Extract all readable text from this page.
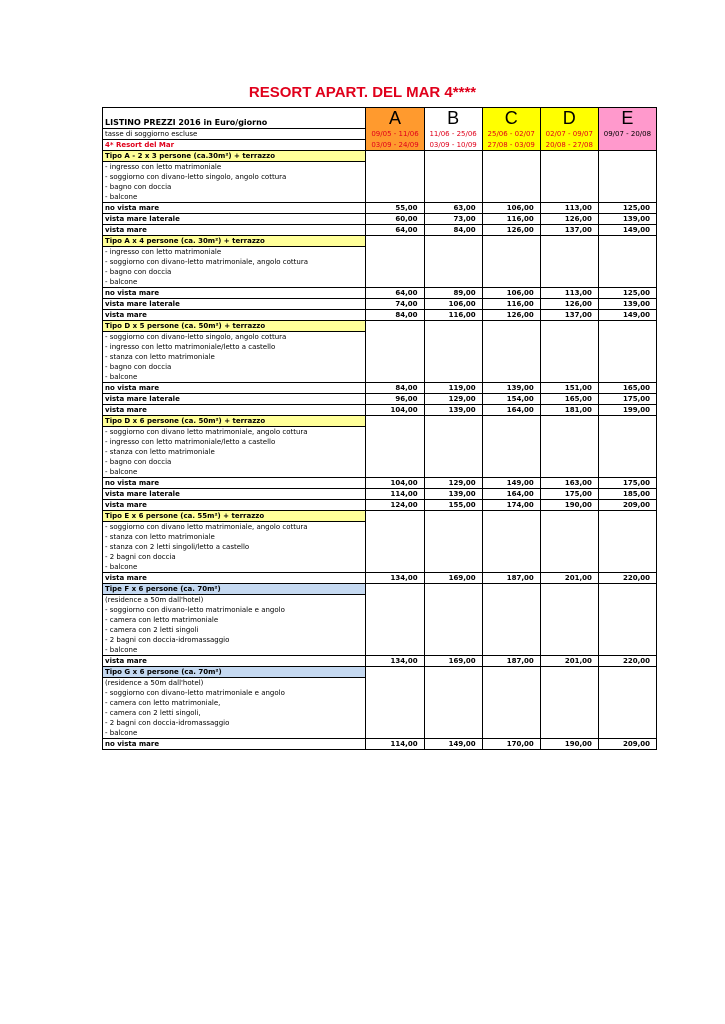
RESORT APART. DEL MAR 4****
LISTINO PREZZI 2016 in Euro/giorno	A	B	C	D	E

tasse di soggiorno escluse	09/05 - 11/06	11/06 - 25/06	25/06 - 02/07	02/07 - 09/07	09/07 - 20/08
4* Resort del Mar	03/09 - 24/09	03/09 - 10/09	27/08 - 03/09	20/08 - 27/08	

Tipo A - 2 x 3 persone (ca.30m²) + terrazzo					

- ingresso con letto matrimoniale					
- soggiorno con divano-letto singolo, angolo cottura					
- bagno con doccia					
- balcone					
no vista mare	55,00	63,00	106,00	113,00	125,00
vista mare laterale	60,00	73,00	116,00	126,00	139,00
vista mare	64,00	84,00	126,00	137,00	149,00

Tipo A x 4 persone (ca. 30m²) + terrazzo					

- ingresso con letto matrimoniale					
- soggiorno con divano-letto matrimoniale, angolo cottura					
- bagno con doccia					
- balcone					
no vista mare	64,00	89,00	106,00	113,00	125,00
vista mare laterale	74,00	106,00	116,00	126,00	139,00
vista mare	84,00	116,00	126,00	137,00	149,00

Tipo D x 5 persone (ca. 50m²) + terrazzo					

- soggiorno con divano-letto singolo, angolo cottura					
- ingresso con letto matrimoniale/letto a castello					
- stanza con letto matrimoniale					
- bagno con doccia					
- balcone					
no vista mare	84,00	119,00	139,00	151,00	165,00
vista mare laterale	96,00	129,00	154,00	165,00	175,00
vista mare	104,00	139,00	164,00	181,00	199,00

Tipo D x 6 persone (ca. 50m²) + terrazzo					

- soggiorno con divano letto matrimoniale, angolo cottura					
- ingresso con letto matrimoniale/letto a castello					
- stanza con letto matrimoniale					
- bagno con doccia					
- balcone					
no vista mare	104,00	129,00	149,00	163,00	175,00
vista mare laterale	114,00	139,00	164,00	175,00	185,00
vista mare	124,00	155,00	174,00	190,00	209,00

Tipo E x 6 persone (ca. 55m²) + terrazzo					

- soggiorno con divano letto matrimoniale, angolo cottura					
- stanza con letto matrimoniale					
- stanza con 2 letti singoli/letto a castello					
- 2 bagni con doccia					
- balcone					
vista mare	134,00	169,00	187,00	201,00	220,00

Tipe F x 6 persone (ca. 70m²)					

(residence a 50m dall'hotel)					
- soggiorno con divano-letto matrimoniale e angolo					
- camera con letto matrimoniale					
- camera con 2 letti singoli					
- 2 bagni con doccia-idromassaggio					
- balcone					
vista mare	134,00	169,00	187,00	201,00	220,00

Tipo G x 6 persone (ca. 70m²)					

(residence a 50m dall'hotel)					
- soggiorno con divano-letto matrimoniale e angolo					
- camera con letto matrimoniale,					
- camera con 2 letti singoli,					
- 2 bagni con doccia-idromassaggio					
- balcone					
no vista mare	114,00	149,00	170,00	190,00	209,00
